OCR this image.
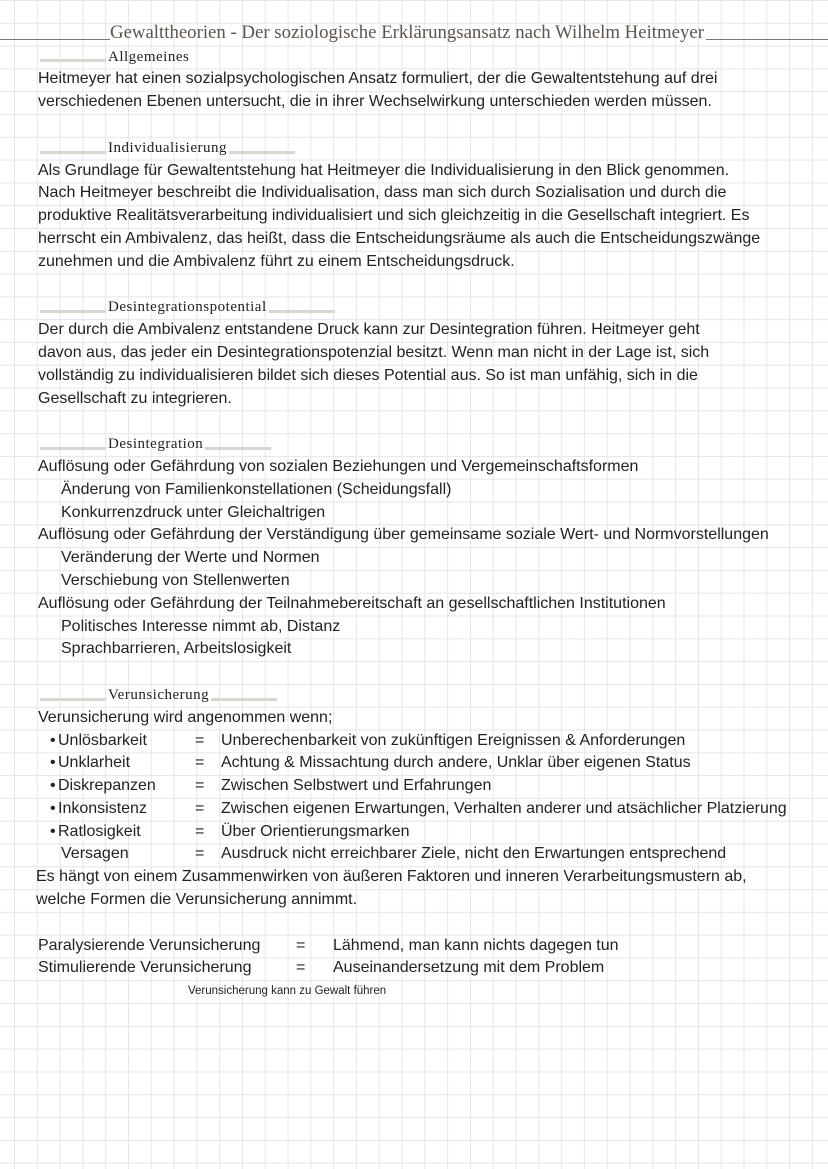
Gewalttheorien - Der soziologische Erklärungsansatz nach Wilhelm Heitmeyer
Allgemeines
Heitmeyer hat einen sozialpsychologischen Ansatz formuliert, der die Gewaltentstehung auf drei
verschiedenen Ebenen untersucht, die in ihrer Wechselwirkung unterschieden werden müssen.
Individualisierung
Als Grundlage für Gewaltentstehung hat Heitmeyer die Individualisierung in den Blick genommen.
Nach Heitmeyer beschreibt die Individualisation, dass man sich durch Sozialisation und durch die
produktive Realitätsverarbeitung individualisiert und sich gleichzeitig in die Gesellschaft integriert. Es
herrscht ein Ambivalenz, das heißt, dass die Entscheidungsräume als auch die Entscheidungszwänge
zunehmen und die Ambivalenz führt zu einem Entscheidungsdruck.
Desintegrationspotential
Der durch die Ambivalenz entstandene Druck kann zur Desintegration führen. Heitmeyer geht
davon aus, das jeder ein Desintegrationspotenzial besitzt. Wenn man nicht in der Lage ist, sich
vollständig zu individualisieren bildet sich dieses Potential aus. So ist man unfähig, sich in die
Gesellschaft zu integrieren.
Desintegration
Auflösung oder Gefährdung von sozialen Beziehungen und Vergemeinschaftsformen
Änderung von Familienkonstellationen (Scheidungsfall)
Konkurrenzdruck unter Gleichaltrigen
Auflösung oder Gefährdung der Verständigung über gemeinsame soziale Wert- und Normvorstellungen
Veränderung der Werte und Normen
Verschiebung von Stellenwerten
Auflösung oder Gefährdung der Teilnahmebereitschaft an gesellschaftlichen Institutionen
Politisches Interesse nimmt ab, Distanz
Sprachbarrieren, Arbeitslosigkeit
Verunsicherung
Verunsicherung wird angenommen wenn;
• Unlösbarkeit	= Unberechenbarkeit von zukünftigen Ereignissen & Anforderungen
• Unklarheit	= Achtung & Missachtung durch andere, Unklar über eigenen Status
• Diskrepanzen = Zwischen Selbstwert und Erfahrungen
• Inkonsistenz	= Zwischen eigenen Erwartungen, Verhalten anderer und atsächlicher Platzierung
• Ratlosigkeit	= Über Orientierungsmarken
Versagen	= Ausdruck nicht erreichbarer Ziele, nicht den Erwartungen entsprechend
Es hängt von einem Zusammenwirken von äußeren Faktoren und inneren Verarbeitungsmustern ab,
welche Formen die Verunsicherung annimmt.
Paralysierende Verunsicherung = Lähmend, man kann nichts dagegen tun
Stimulierende Verunsicherung	= Auseinandersetzung mit dem Problem
Verunsicherung kann zu Gewalt führen
